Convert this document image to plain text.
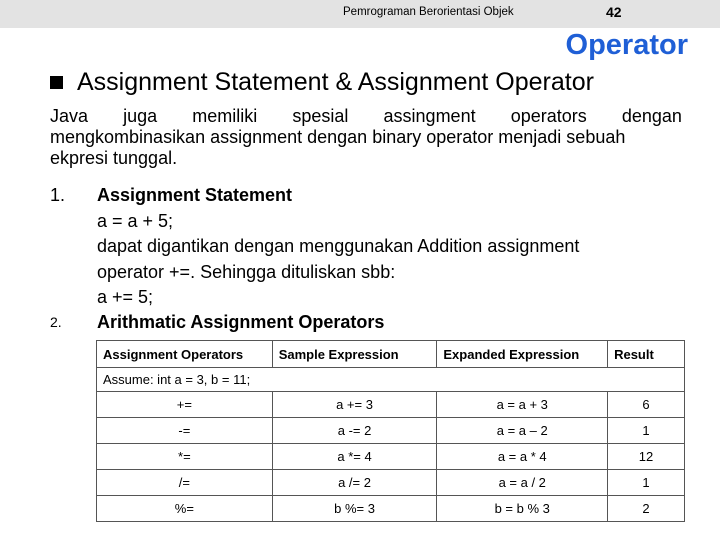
Pemrograman Berorientasi Objek	42
Operator
Assignment Statement & Assignment Operator
Java juga memiliki spesial assingment operators dengan
mengkombinasikan assignment dengan binary operator menjadi sebuah
ekpresi tunggal.
1. Assignment Statement
a = a + 5;
dapat digantikan dengan menggunakan Addition assignment
operator +=. Sehingga dituliskan sbb:
a += 5;
2. Arithmatic Assignment Operators
Assignment Operators	Sample Expression	Expanded Expression	Result
Assume: int a = 3, b = 11;			
+=	a += 3	a = a + 3	6
-=	a -= 2	a = a – 2	1
*=	a *= 4	a = a * 4	12
/=	a /= 2	a = a / 2	1
%=	b %= 3	b = b % 3	2
